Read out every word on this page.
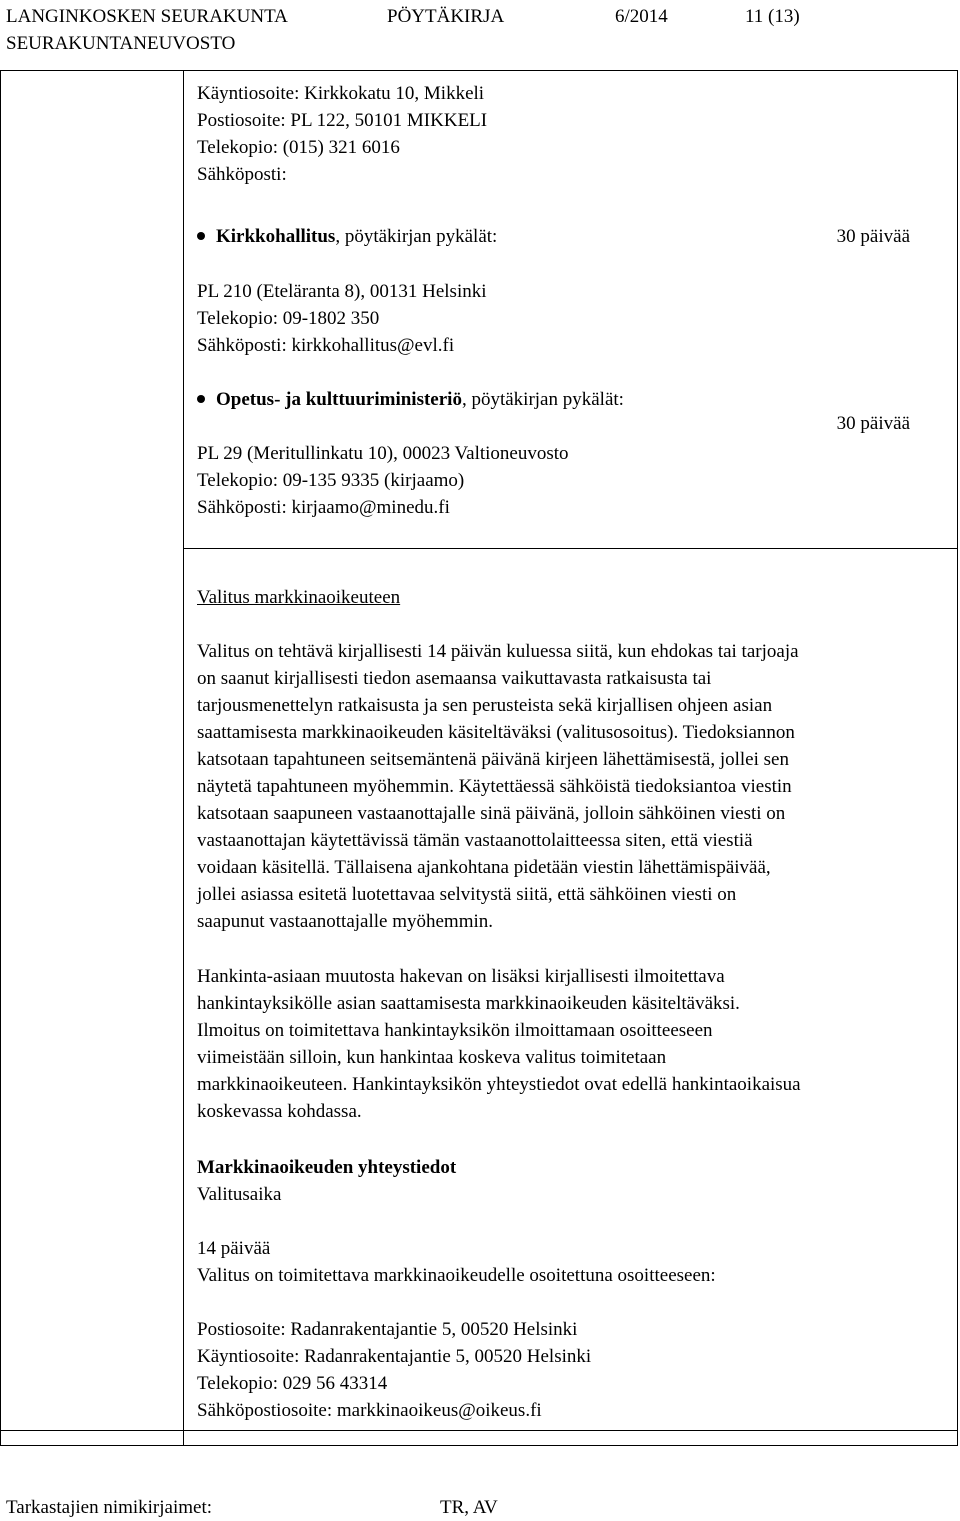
LANGINKOSKEN SEURAKUNTA
SEURAKUNTANEUVOSTO
PÖYTÄKIRJA	6/2014	11 (13)
Käyntiosoite: Kirkkokatu 10, Mikkeli
Postiosoite: PL 122, 50101 MIKKELI
Telekopio: (015) 321 6016
Sähköposti:
Kirkkohallitus, pöytäkirjan pykälät:	30 päivää
PL 210 (Eteläranta 8), 00131 Helsinki
Telekopio: 09-1802 350
Sähköposti: kirkkohallitus@evl.fi
Opetus- ja kulttuuriministeriö, pöytäkirjan pykälät:
30 päivää
PL 29 (Meritullinkatu 10), 00023 Valtioneuvosto
Telekopio: 09-135 9335 (kirjaamo)
Sähköposti: kirjaamo@minedu.fi
Valitus markkinaoikeuteen
Valitus on tehtävä kirjallisesti 14 päivän kuluessa siitä, kun ehdokas tai tarjoaja
on saanut kirjallisesti tiedon asemaansa vaikuttavasta ratkaisusta tai
tarjousmenettelyn ratkaisusta ja sen perusteista sekä kirjallisen ohjeen asian
saattamisesta markkinaoikeuden käsiteltäväksi (valitusosoitus). Tiedoksiannon
katsotaan tapahtuneen seitsemäntenä päivänä kirjeen lähettämisestä, jollei sen
näytetä tapahtuneen myöhemmin. Käytettäessä sähköistä tiedoksiantoa viestin
katsotaan saapuneen vastaanottajalle sinä päivänä, jolloin sähköinen viesti on
vastaanottajan käytettävissä tämän vastaanottolaitteessa siten, että viestiä
voidaan käsitellä. Tällaisena ajankohtana pidetään viestin lähettämispäivää,
jollei asiassa esitetä luotettavaa selvitystä siitä, että sähköinen viesti on
saapunut vastaanottajalle myöhemmin.
Hankinta-asiaan muutosta hakevan on lisäksi kirjallisesti ilmoitettava
hankintayksikölle asian saattamisesta markkinaoikeuden käsiteltäväksi.
Ilmoitus on toimitettava hankintayksikön ilmoittamaan osoitteeseen
viimeistään silloin, kun hankintaa koskeva valitus toimitetaan
markkinaoikeuteen. Hankintayksikön yhteystiedot ovat edellä hankintaoikaisua
koskevassa kohdassa.
Markkinaoikeuden yhteystiedot
Valitusaika
14 päivää
Valitus on toimitettava markkinaoikeudelle osoitettuna osoitteeseen:
Postiosoite: Radanrakentajantie 5, 00520 Helsinki
Käyntiosoite: Radanrakentajantie 5, 00520 Helsinki
Telekopio: 029 56 43314
Sähköpostiosoite: markkinaoikeus@oikeus.fi
Tarkastajien nimikirjaimet:	TR, AV
